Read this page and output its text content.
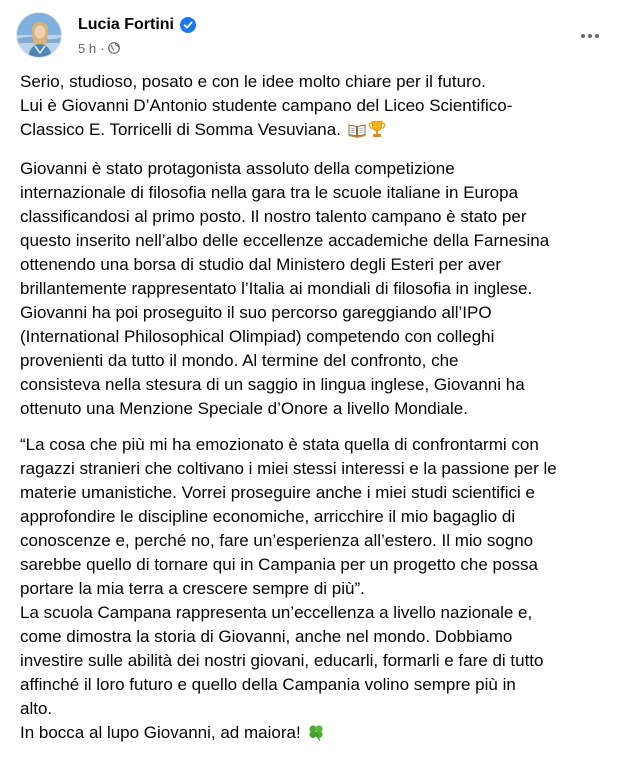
Lucia Fortini
5 h ·

Serio, studioso, posato e con le idee molto chiare per il futuro.
Lui è Giovanni D’Antonio studente campano del Liceo Scientifico-
Classico E. Torricelli di Somma Vesuviana.

Giovanni è stato protagonista assoluto della competizione
internazionale di filosofia nella gara tra le scuole italiane in Europa
classificandosi al primo posto. Il nostro talento campano è stato per
questo inserito nell’albo delle eccellenze accademiche della Farnesina
ottenendo una borsa di studio dal Ministero degli Esteri per aver
brillantemente rappresentato l’Italia ai mondiali di filosofia in inglese.
Giovanni ha poi proseguito il suo percorso gareggiando all’IPO
(International Philosophical Olimpiad) competendo con colleghi
provenienti da tutto il mondo. Al termine del confronto, che
consisteva nella stesura di un saggio in lingua inglese, Giovanni ha
ottenuto una Menzione Speciale d’Onore a livello Mondiale.

“La cosa che più mi ha emozionato è stata quella di confrontarmi con
ragazzi stranieri che coltivano i miei stessi interessi e la passione per le
materie umanistiche. Vorrei proseguire anche i miei studi scientifici e
approfondire le discipline economiche, arricchire il mio bagaglio di
conoscenze e, perché no, fare un’esperienza all’estero. Il mio sogno
sarebbe quello di tornare qui in Campania per un progetto che possa
portare la mia terra a crescere sempre di più”.
La scuola Campana rappresenta un’eccellenza a livello nazionale e,
come dimostra la storia di Giovanni, anche nel mondo. Dobbiamo
investire sulle abilità dei nostri giovani, educarli, formarli e fare di tutto
affinché il loro futuro e quello della Campania volino sempre più in
alto.
In bocca al lupo Giovanni, ad maiora!
